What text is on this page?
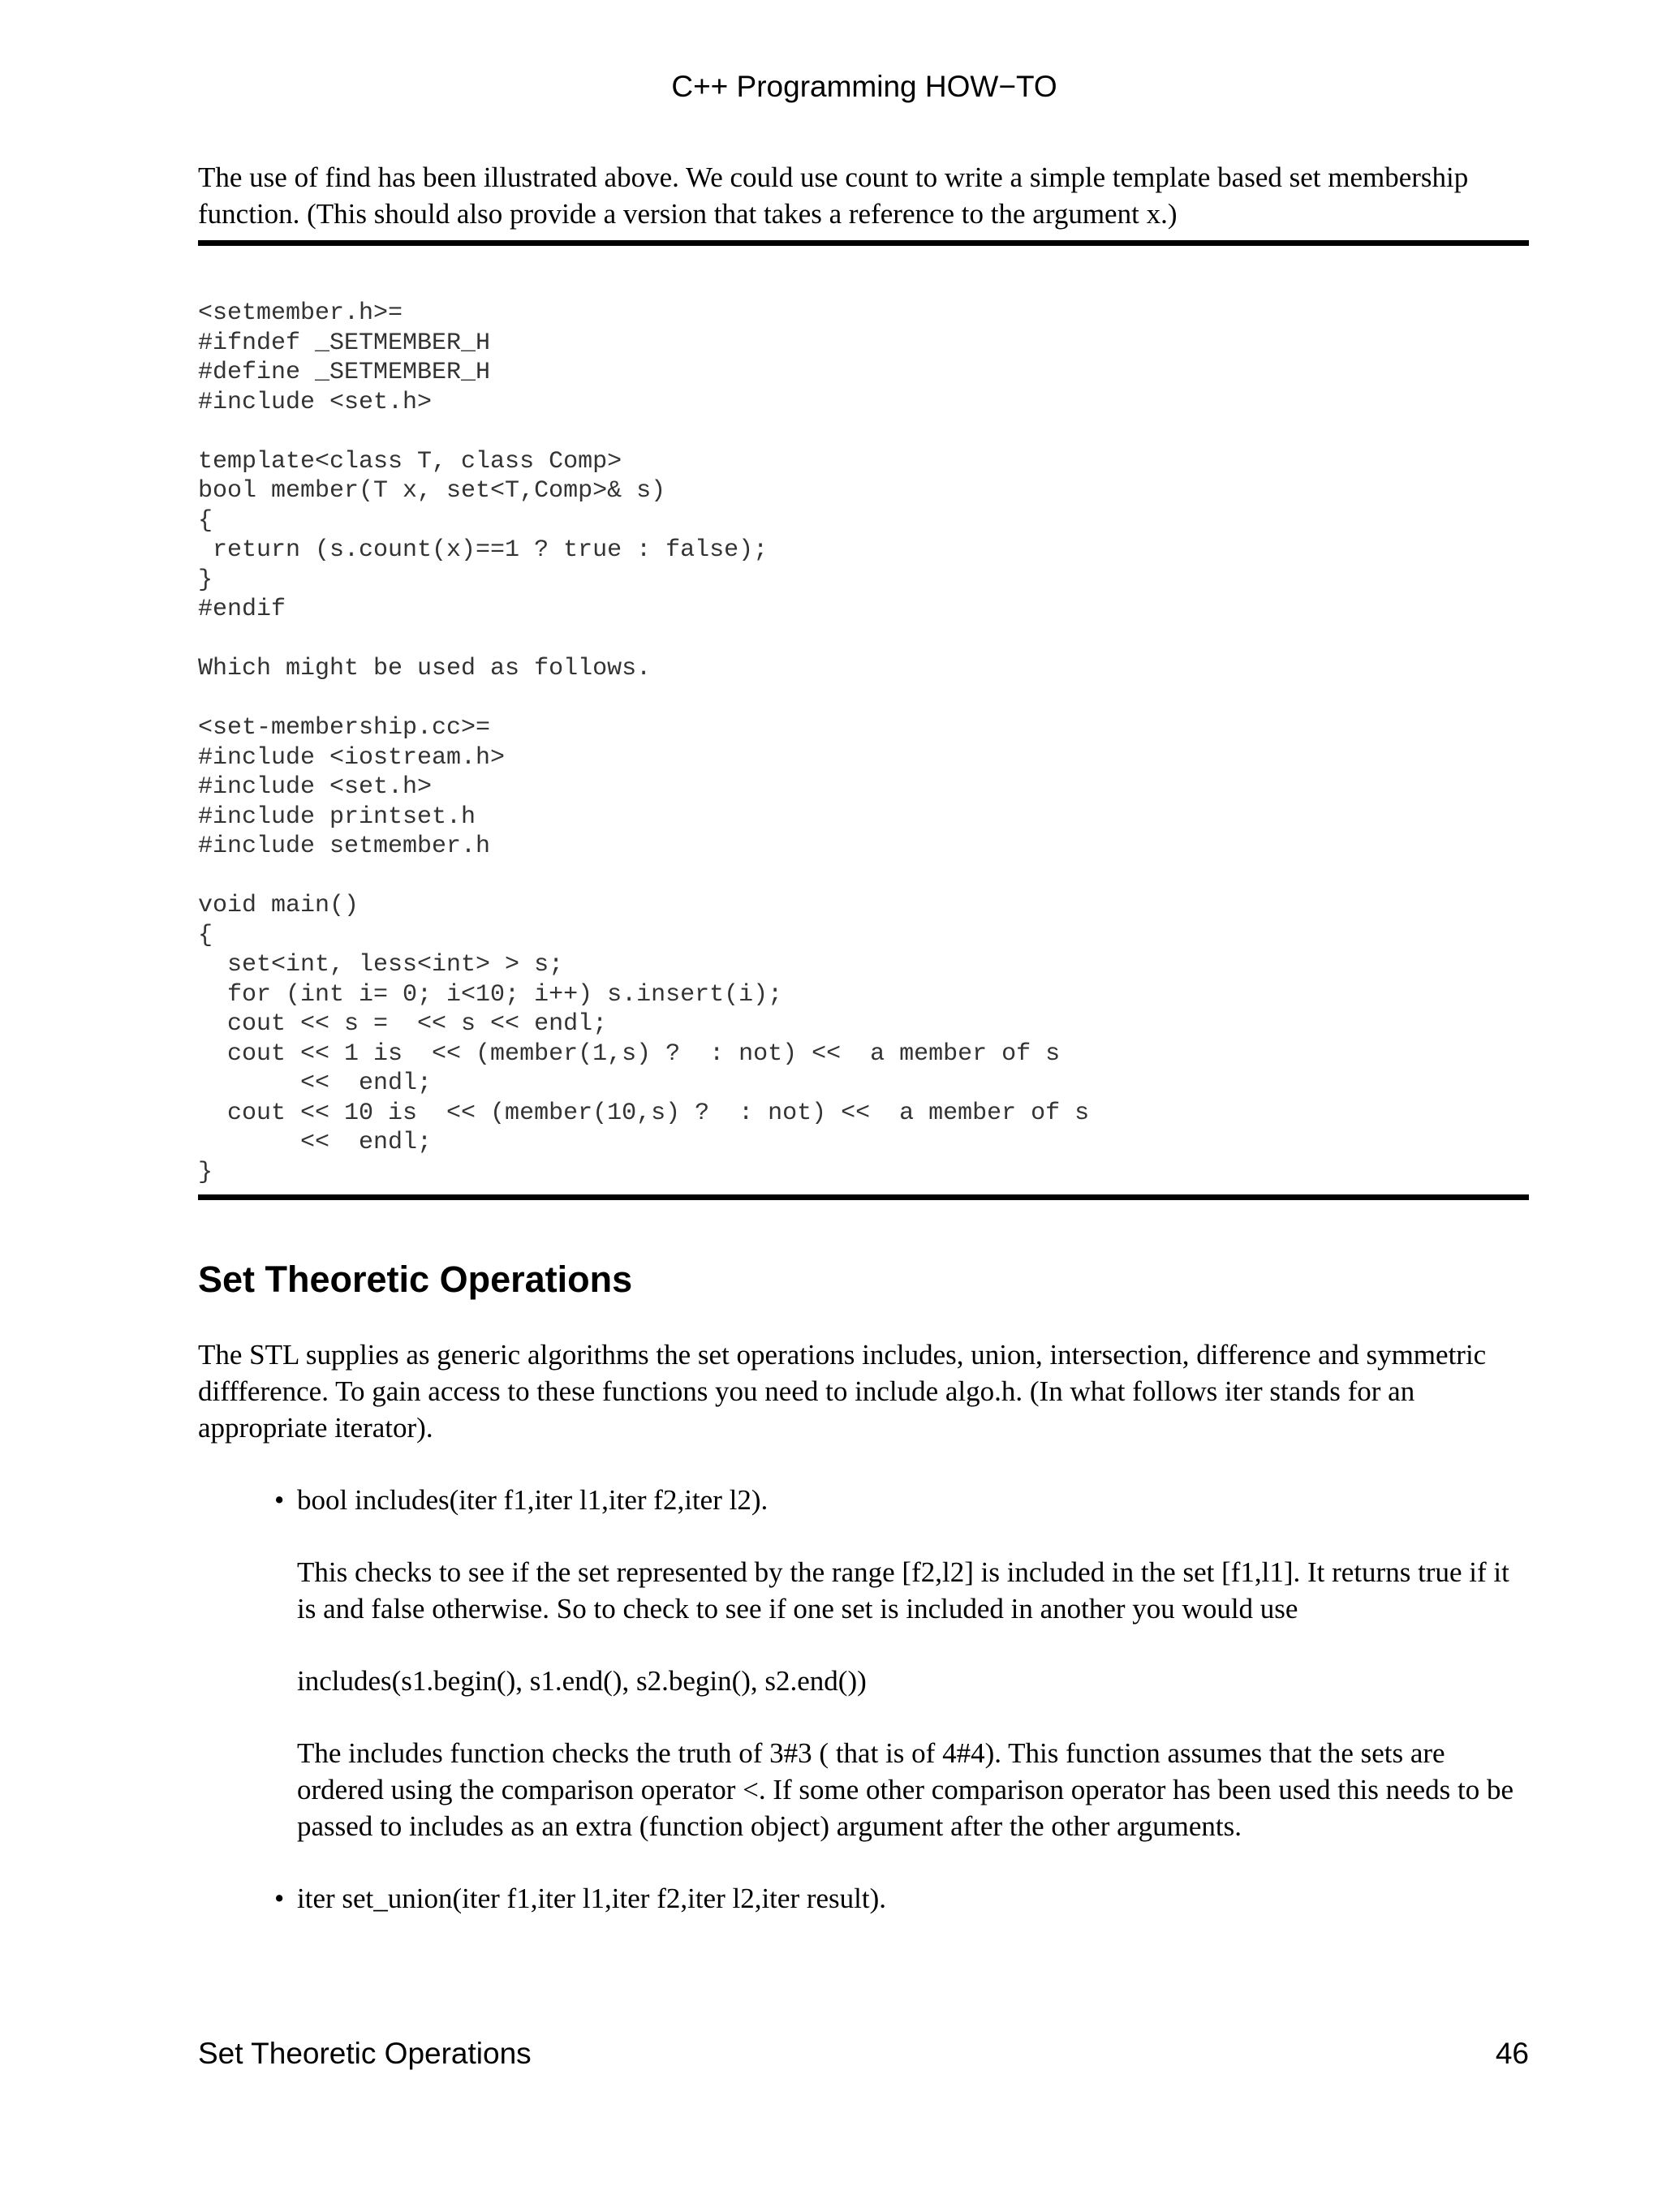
C++ Programming HOW−TO

The use of find has been illustrated above. We could use count to write a simple template based set membership function. (This should also provide a version that takes a reference to the argument x.)

<setmember.h>=
#ifndef _SETMEMBER_H
#define _SETMEMBER_H
#include <set.h>

template<class T, class Comp>
bool member(T x, set<T,Comp>& s)
{
return (s.count(x)==1 ? true : false);
}
#endif

Which might be used as follows.

<set-membership.cc>=
#include <iostream.h>
#include <set.h>
#include printset.h
#include setmember.h

void main()
{
set<int, less<int> > s;
for (int i= 0; i<10; i++) s.insert(i);
cout << s =  << s << endl;
cout << 1 is  << (member(1,s) ?  : not) <<  a member of s
<<  endl;
cout << 10 is  << (member(10,s) ?  : not) <<  a member of s
<<  endl;
}
Set Theoretic Operations

The STL supplies as generic algorithms the set operations includes, union, intersection, difference and symmetric diffference. To gain access to these functions you need to include algo.h. (In what follows iter stands for an appropriate iterator).

• bool includes(iter f1,iter l1,iter f2,iter l2).

This checks to see if the set represented by the range [f2,l2] is included in the set [f1,l1]. It returns true if it is and false otherwise. So to check to see if one set is included in another you would use

includes(s1.begin(), s1.end(), s2.begin(), s2.end())

The includes function checks the truth of 3#3 ( that is of 4#4). This function assumes that the sets are ordered using the comparison operator <. If some other comparison operator has been used this needs to be passed to includes as an extra (function object) argument after the other arguments.

• iter set_union(iter f1,iter l1,iter f2,iter l2,iter result).

Set Theoretic Operations	46
